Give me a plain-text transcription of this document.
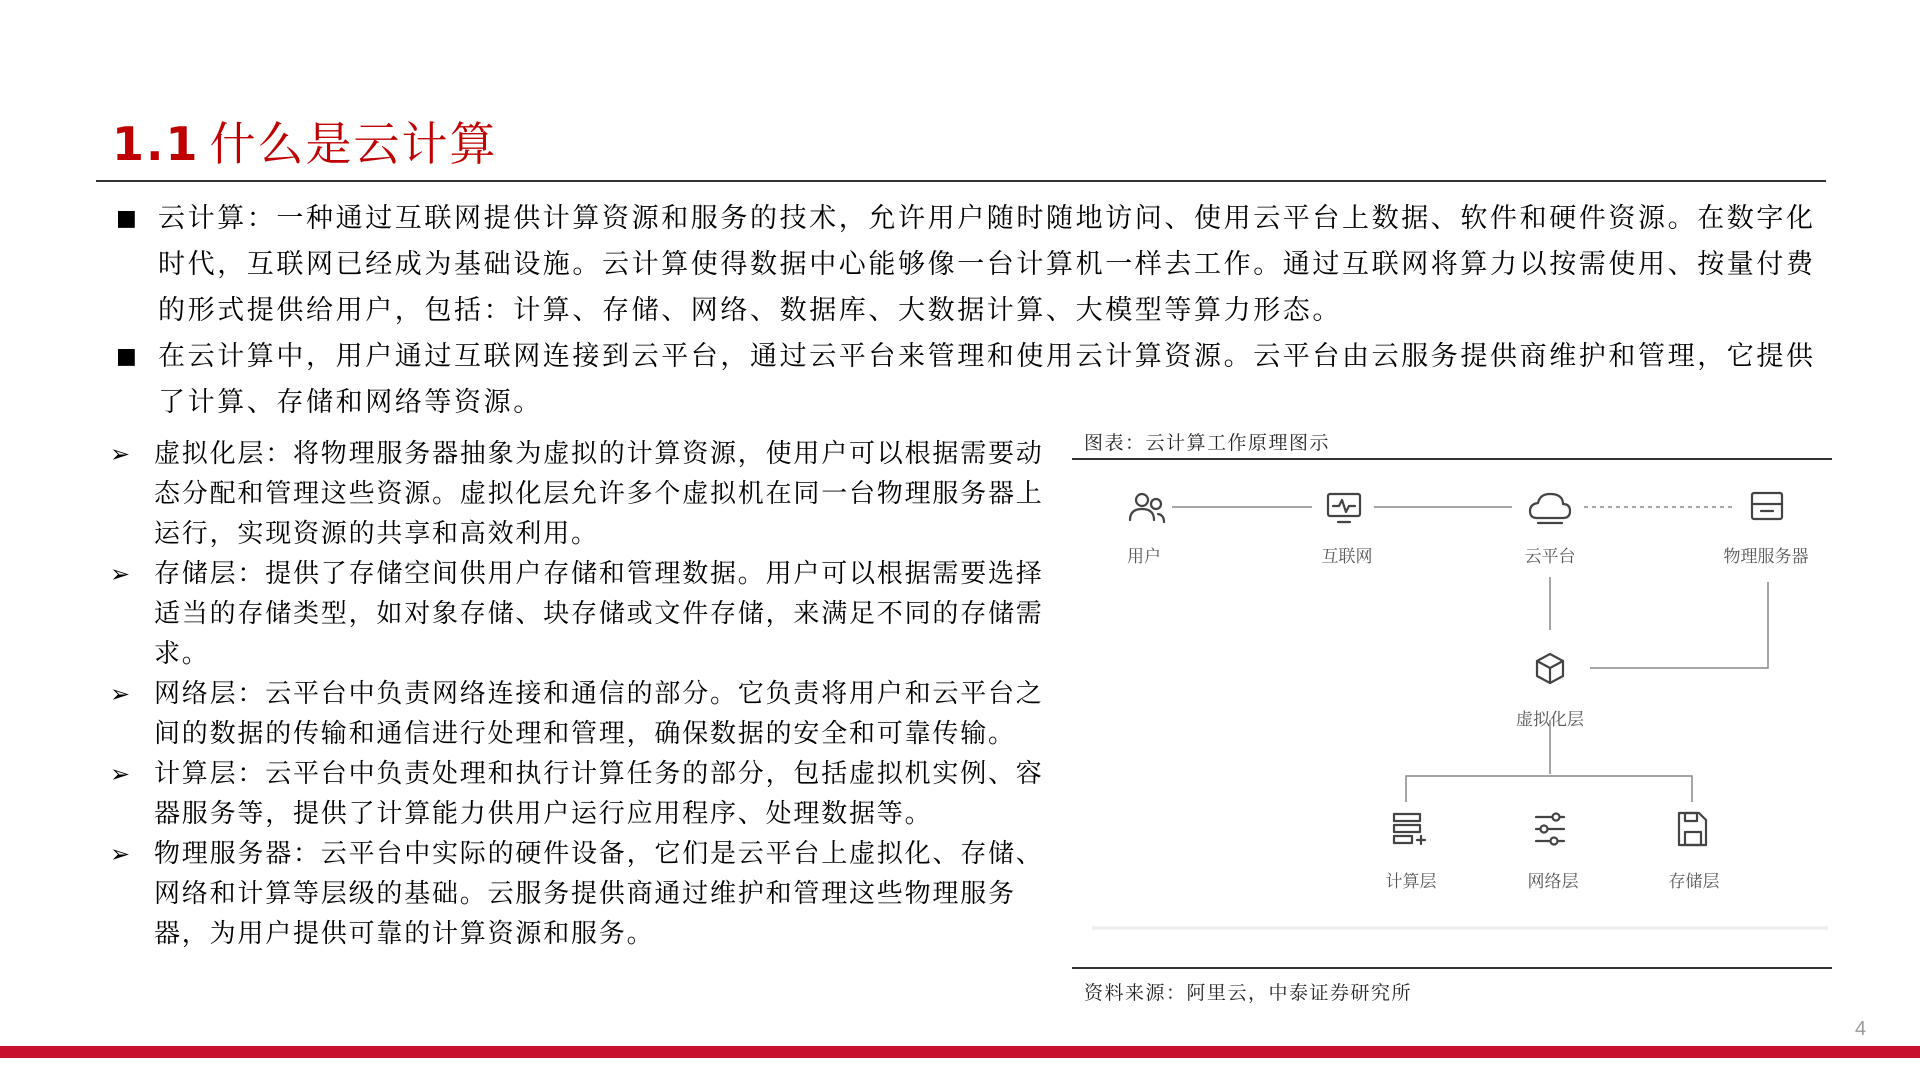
1.1 什么是云计算
■ 云计算：一种通过互联网提供计算资源和服务的技术，允许用户随时随地访问、使用云平台上数据、软件和硬件资源。在数字化时代，互联网已经成为基础设施。云计算使得数据中心能够像一台计算机一样去工作。通过互联网将算力以按需使用、按量付费的形式提供给用户，包括：计算、存储、网络、数据库、大数据计算、大模型等算力形态。
■ 在云计算中，用户通过互联网连接到云平台，通过云平台来管理和使用云计算资源。云平台由云服务提供商维护和管理，它提供了计算、存储和网络等资源。
➢ 虚拟化层：将物理服务器抽象为虚拟的计算资源，使用户可以根据需要动态分配和管理这些资源。虚拟化层允许多个虚拟机在同一台物理服务器上运行，实现资源的共享和高效利用。
➢ 存储层：提供了存储空间供用户存储和管理数据。用户可以根据需要选择适当的存储类型，如对象存储、块存储或文件存储，来满足不同的存储需求。
➢ 网络层：云平台中负责网络连接和通信的部分。它负责将用户和云平台之间的数据的传输和通信进行处理和管理，确保数据的安全和可靠传输。
➢ 计算层：云平台中负责处理和执行计算任务的部分，包括虚拟机实例、容器服务等，提供了计算能力供用户运行应用程序、处理数据等。
➢ 物理服务器：云平台中实际的硬件设备，它们是云平台上虚拟化、存储、网络和计算等层级的基础。云服务提供商通过维护和管理这些物理服务器，为用户提供可靠的计算资源和服务。
图表：云计算工作原理图示
用户	互联网	云平台	物理服务器
虚拟化层
计算层	网络层	存储层
资料来源：阿里云，中泰证券研究所
4
